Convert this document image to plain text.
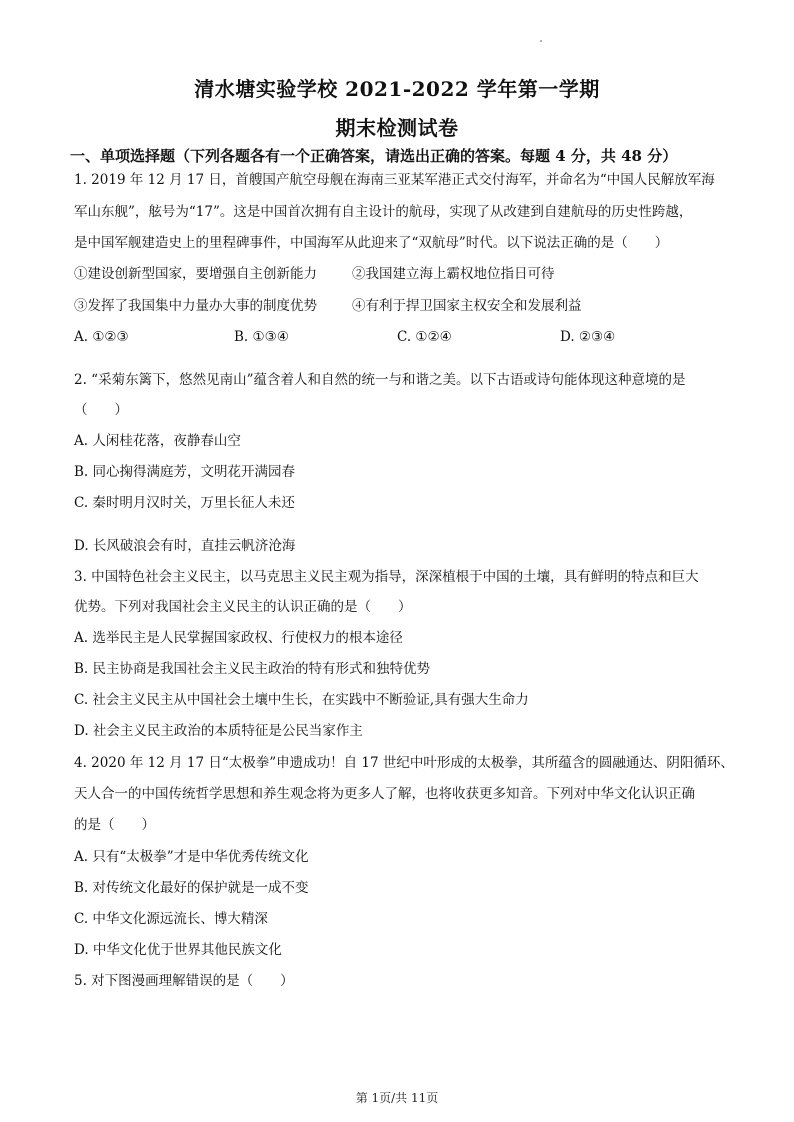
清水塘实验学校 2021-2022 学年第一学期
期末检测试卷
一、单项选择题（下列各题各有一个正确答案，请选出正确的答案。每题 4 分，共 48 分）
1. 2019 年 12 月 17 日，首艘国产航空母舰在海南三亚某军港正式交付海军，并命名为“中国人民解放军海
军山东舰”，舷号为“17”。这是中国首次拥有自主设计的航母，实现了从改建到自建航母的历史性跨越，
是中国军舰建造史上的里程碑事件，中国海军从此迎来了“双航母”时代。以下说法正确的是（　　）
①建设创新型国家，要增强自主创新能力	②我国建立海上霸权地位指日可待
③发挥了我国集中力量办大事的制度优势	④有利于捍卫国家主权安全和发展利益
A. ①②③	B. ①③④	C. ①②④	D. ②③④
2. “采菊东篱下，悠然见南山”蕴含着人和自然的统一与和谐之美。以下古语或诗句能体现这种意境的是
（　　）
A. 人闲桂花落，夜静春山空
B. 同心掬得满庭芳，文明花开满园春
C. 秦时明月汉时关，万里长征人未还
D. 长风破浪会有时，直挂云帆济沧海
3. 中国特色社会主义民主，以马克思主义民主观为指导，深深植根于中国的土壤，具有鲜明的特点和巨大
优势。下列对我国社会主义民主的认识正确的是（　　）
A. 选举民主是人民掌握国家政权、行使权力的根本途径
B. 民主协商是我国社会主义民主政治的特有形式和独特优势
C. 社会主义民主从中国社会土壤中生长，在实践中不断验证,具有强大生命力
D. 社会主义民主政治的本质特征是公民当家作主
4. 2020 年 12 月 17 日“太极拳”申遗成功！自 17 世纪中叶形成的太极拳，其所蕴含的圆融通达、阴阳循环、
天人合一的中国传统哲学思想和养生观念将为更多人了解，也将收获更多知音。下列对中华文化认识正确
的是（　　）
A. 只有“太极拳”才是中华优秀传统文化
B. 对传统文化最好的保护就是一成不变
C. 中华文化源远流长、博大精深
D. 中华文化优于世界其他民族文化
5. 对下图漫画理解错误的是（　　）
第 1页/共 11页
